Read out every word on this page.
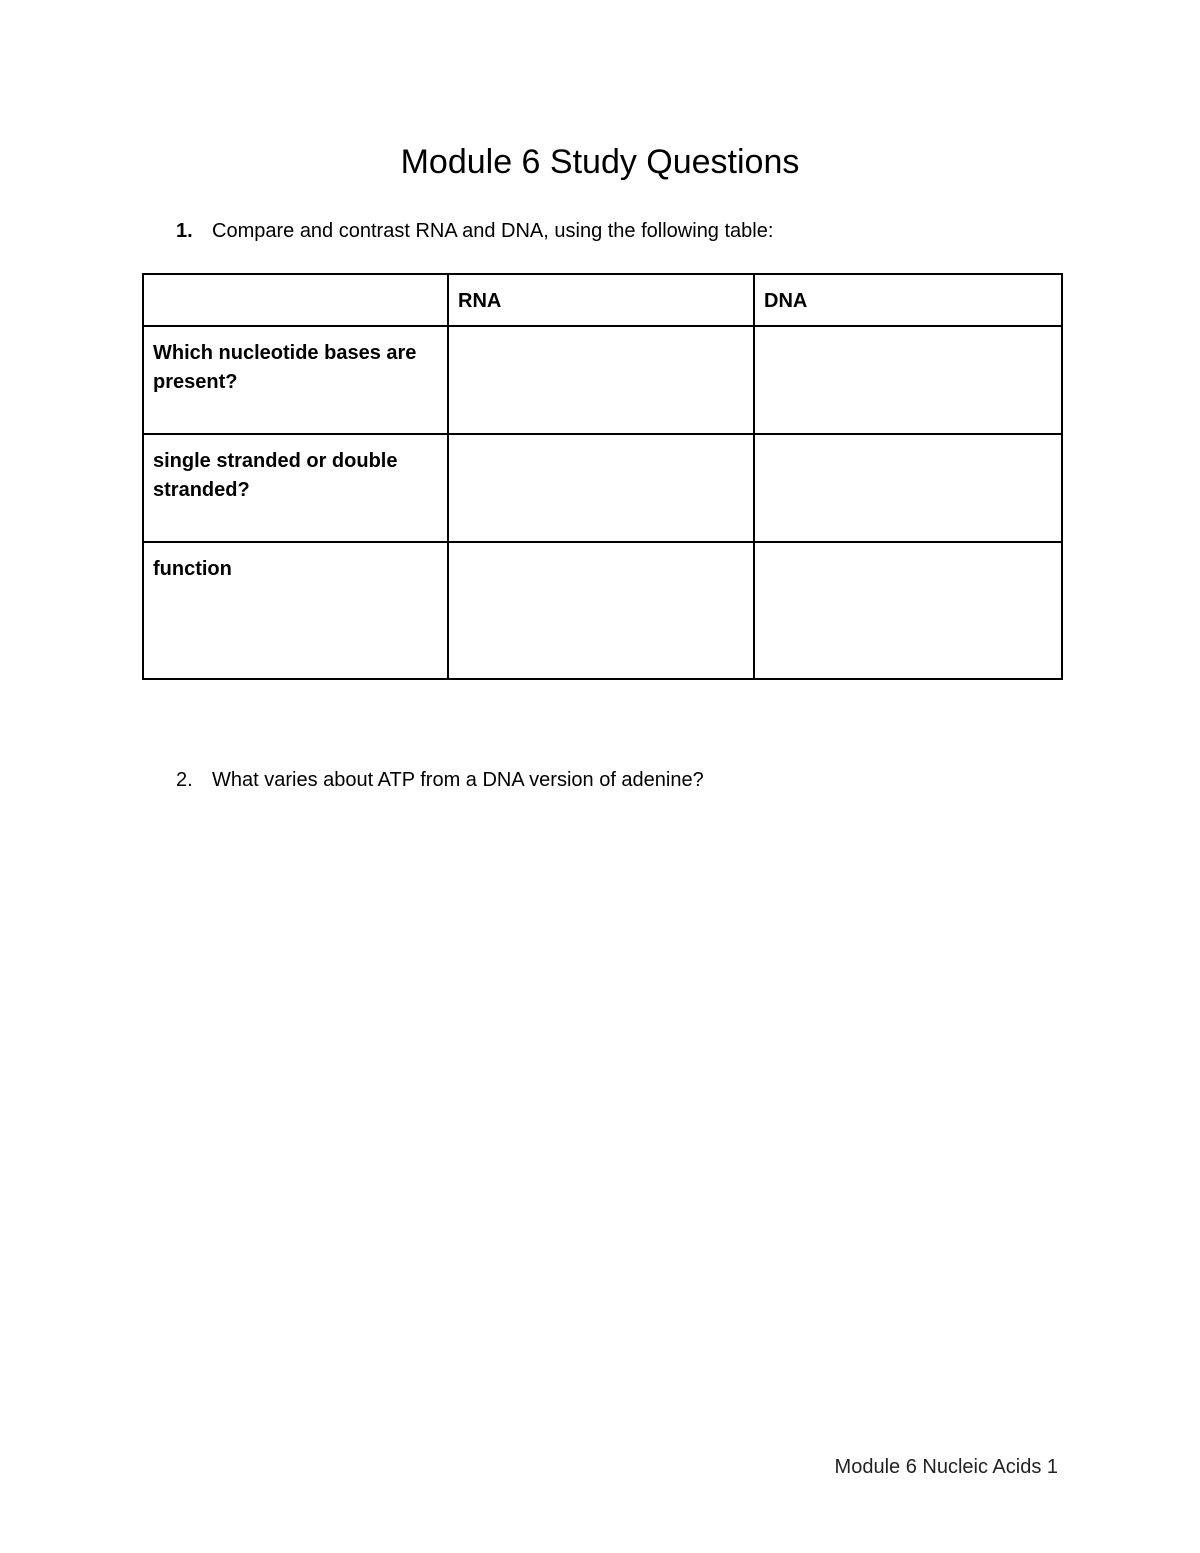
Module 6 Study Questions
1. Compare and contrast RNA and DNA, using the following table:
	RNA	DNA
Which nucleotide bases are present?		
single stranded or double stranded?		
function		
2. What varies about ATP from a DNA version of adenine?
Module 6 Nucleic Acids 1
